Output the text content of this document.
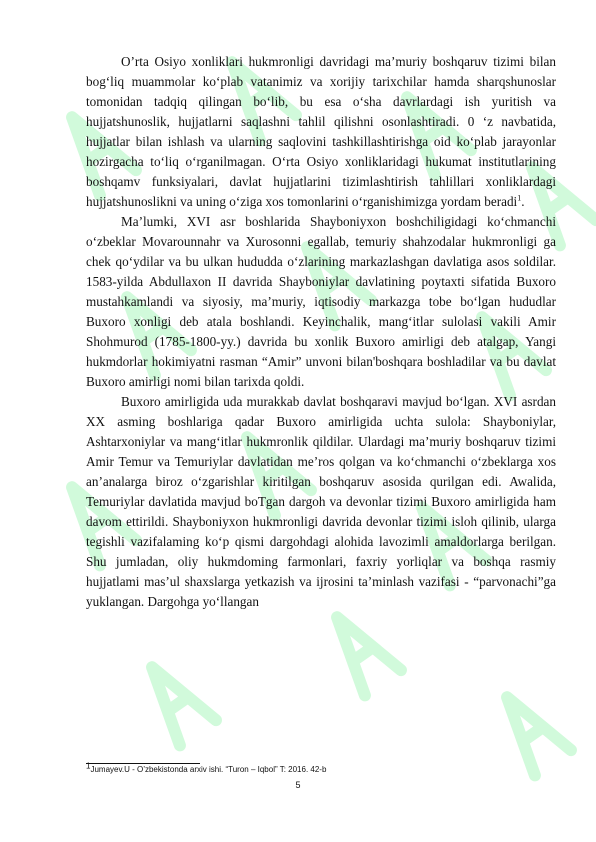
O’rta Osiyo xonliklari hukmronligi davridagi ma’muriy boshqaruv tizimi bilan bog‘liq muammolar ko‘plab vatanimiz va xorijiy tarixchilar hamda sharqshunoslar tomonidan tadqiq qilingan bo‘lib, bu esa o‘sha davrlardagi ish yuritish va hujjatshunoslik, hujjatlarni saqlashni tahlil qilishni osonlashtiradi. 0 ‘z navbatida, hujjatlar bilan ishlash va ularning saqlovini tashkillashtirishga oid ko‘plab jarayonlar hozirgacha to‘liq o‘rganilmagan. O‘rta Osiyo xonliklaridagi hukumat institutlarining boshqamv funksiyalari, davlat hujjatlarini tizimlashtirish tahlillari xonliklardagi hujjatshunoslikni va uning o‘ziga xos tomonlarini o‘rganishimizga yordam beradi$^1$.

Ma’lumki, XVI asr boshlarida Shayboniyxon boshchiligidagi ko‘chmanchi o‘zbeklar Movarounnahr va Xurosonni egallab, temuriy shahzodalar hukmronligi ga chek qo‘ydilar va bu ulkan hududda o‘zlarining markazlashgan davlatiga asos soldilar. 1583-yilda Abdullaxon II davrida Shayboniylar davlatining poytaxti sifatida Buxoro mustahkamlandi va siyosiy, ma’muriy, iqtisodiy markazga tobe bo‘lgan hududlar Buxoro xonligi deb atala boshlandi. Keyinchalik, mang‘itlar sulolasi vakili Amir Shohmurod (1785-1800-yy.) davrida bu xonlik Buxoro amirligi deb atalgap, Yangi hukmdorlar hokimiyatni rasman “Amir” unvoni bilan'boshqara boshladilar va bu davlat Buxoro amirligi nomi bilan tarixda qoldi.

Buxoro amirligida uda murakkab davlat boshqaravi mavjud bo‘lgan. XVI asrdan XX asming boshlariga qadar Buxoro amirligida uchta sulola: Shayboniylar, Ashtarxoniylar va mang‘itlar hukmronlik qildilar. Ulardagi ma’muriy boshqaruv tizimi Amir Temur va Temuriylar davlatidan me’ros qolgan va ko‘chmanchi o‘zbeklarga xos an’analarga biroz o‘zgarishlar kiritilgan boshqaruv asosida qurilgan edi. Awalida, Temuriylar davlatida mavjud boTgan dargoh va devonlar tizimi Buxoro amirligida ham davom ettirildi. Shayboniyxon hukmronligi davrida devonlar tizimi isloh qilinib, ularga tegishli vazifalaming ko‘p qismi dargohdagi alohida lavozimli amaldorlarga berilgan. Shu jumladan, oliy hukmdoming farmonlari, faxriy yorliqlar va boshqa rasmiy hujjatlami mas’ul shaxslarga yetkazish va ijrosini ta’minlash vazifasi - “parvonachi”ga yuklangan. Dargohga yo‘llangan

$^1$Jumayev.U - O’zbekistonda arxiv ishi. “Turon – Iqbol” T: 2016. 42-b
5
